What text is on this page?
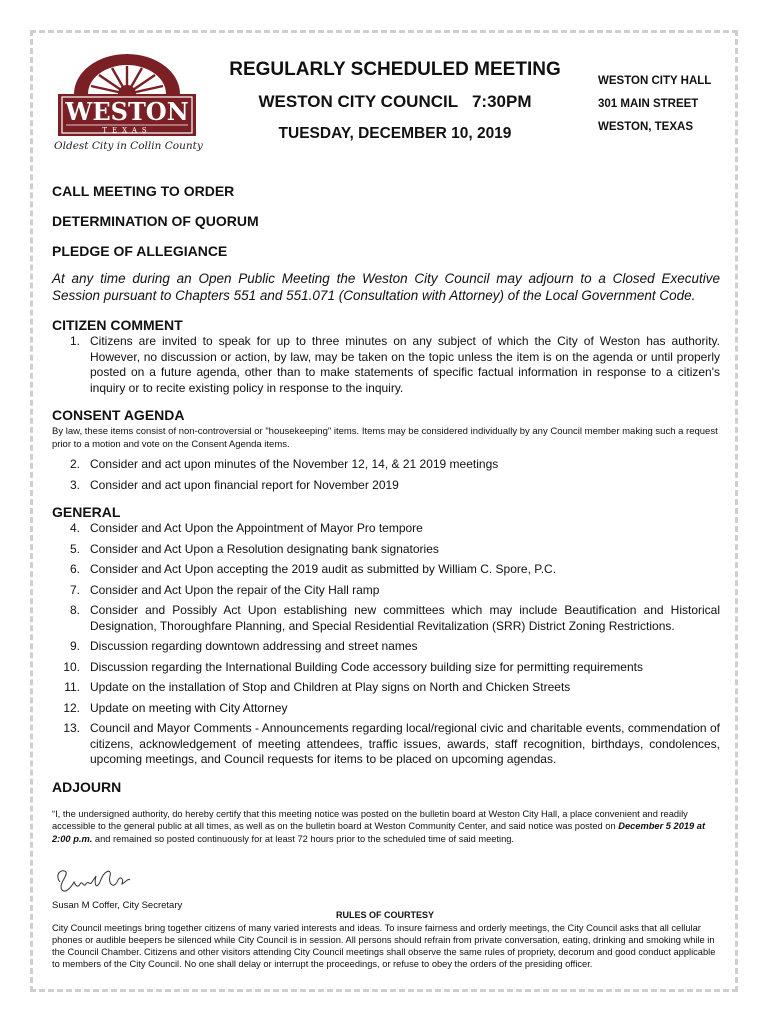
WESTON
TEXAS
Oldest City in Collin County

REGULARLY SCHEDULED MEETING

WESTON CITY COUNCIL   7:30PM

TUESDAY, DECEMBER 10, 2019

WESTON CITY HALL
301 MAIN STREET
WESTON, TEXAS

CALL MEETING TO ORDER

DETERMINATION OF QUORUM

PLEDGE OF ALLEGIANCE

At any time during an Open Public Meeting the Weston City Council may adjourn to a Closed Executive Session pursuant to Chapters 551 and 551.071 (Consultation with Attorney) of the Local Government Code.

CITIZEN COMMENT

1. Citizens are invited to speak for up to three minutes on any subject of which the City of Weston has authority. However, no discussion or action, by law, may be taken on the topic unless the item is on the agenda or until properly posted on a future agenda, other than to make statements of specific factual information in response to a citizen's inquiry or to recite existing policy in response to the inquiry.

CONSENT AGENDA

By law, these items consist of non-controversial or "housekeeping" items. Items may be considered individually by any Council member making such a request prior to a motion and vote on the Consent Agenda items.

2. Consider and act upon minutes of the November 12, 14, & 21 2019 meetings
3. Consider and act upon financial report for November 2019

GENERAL

4. Consider and Act Upon the Appointment of Mayor Pro tempore
5. Consider and Act Upon a Resolution designating bank signatories
6. Consider and Act Upon accepting the 2019 audit as submitted by William C. Spore, P.C.
7. Consider and Act Upon the repair of the City Hall ramp
8. Consider and Possibly Act Upon establishing new committees which may include Beautification and Historical Designation, Thoroughfare Planning, and Special Residential Revitalization (SRR) District Zoning Restrictions.
9. Discussion regarding downtown addressing and street names
10. Discussion regarding the International Building Code accessory building size for permitting requirements
11. Update on the installation of Stop and Children at Play signs on North and Chicken Streets
12. Update on meeting with City Attorney
13. Council and Mayor Comments - Announcements regarding local/regional civic and charitable events, commendation of citizens, acknowledgement of meeting attendees, traffic issues, awards, staff recognition, birthdays, condolences, upcoming meetings, and Council requests for items to be placed on upcoming agendas.

ADJOURN

“I, the undersigned authority, do hereby certify that this meeting notice was posted on the bulletin board at Weston City Hall, a place convenient and readily accessible to the general public at all times, as well as on the bulletin board at Weston Community Center, and said notice was posted on December 5 2019 at 2:00 p.m. and remained so posted continuously for at least 72 hours prior to the scheduled time of said meeting.

Susan M Coffer, City Secretary
RULES OF COURTESY
City Council meetings bring together citizens of many varied interests and ideas. To insure fairness and orderly meetings, the City Council asks that all cellular phones or audible beepers be silenced while City Council is in session. All persons should refrain from private conversation, eating, drinking and smoking while in the Council Chamber. Citizens and other visitors attending City Council meetings shall observe the same rules of propriety, decorum and good conduct applicable to members of the City Council. No one shall delay or interrupt the proceedings, or refuse to obey the orders of the presiding officer.
